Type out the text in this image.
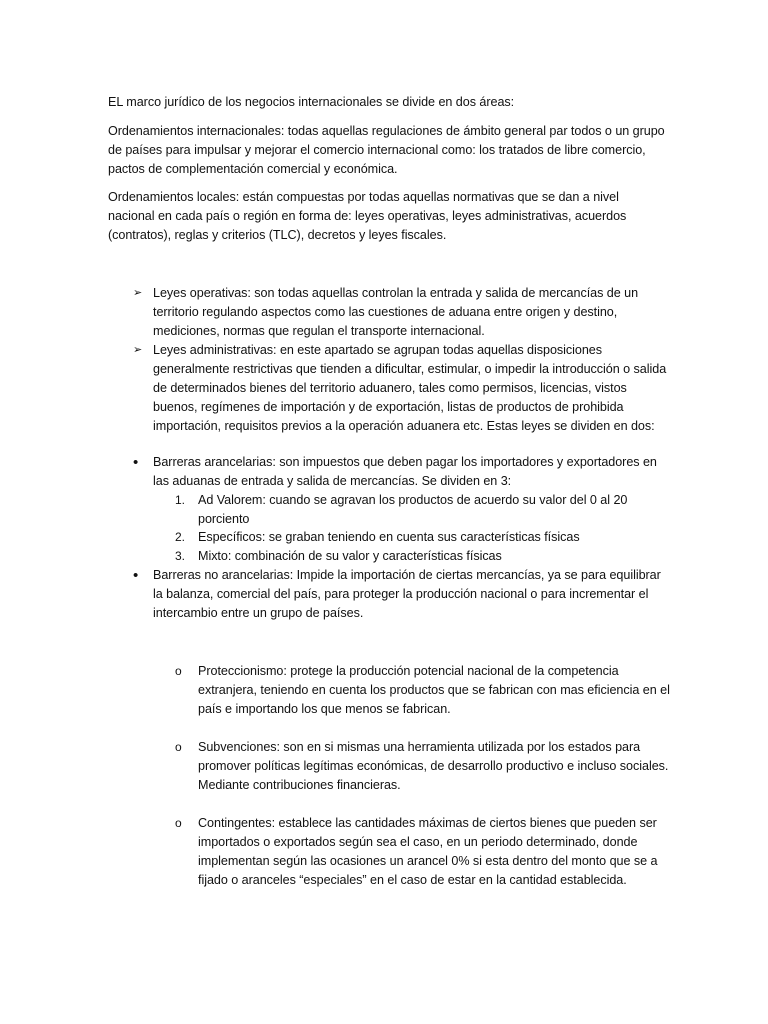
EL marco jurídico de los negocios internacionales se divide en dos áreas:

Ordenamientos internacionales: todas aquellas regulaciones de ámbito general par todos o un grupo de países para impulsar y mejorar el comercio internacional como: los tratados de libre comercio, pactos de complementación comercial y económica.

Ordenamientos locales: están compuestas por todas aquellas normativas que se dan a nivel nacional en cada país o región en forma de: leyes operativas, leyes administrativas, acuerdos (contratos), reglas y criterios (TLC), decretos y leyes fiscales.

➢ Leyes operativas: son todas aquellas controlan la entrada y salida de mercancías de un territorio regulando aspectos como las cuestiones de aduana entre origen y destino, mediciones, normas que regulan el transporte internacional.

➢ Leyes administrativas: en este apartado se agrupan todas aquellas disposiciones generalmente restrictivas que tienden a dificultar, estimular, o impedir la introducción o salida de determinados bienes del territorio aduanero, tales como permisos, licencias, vistos buenos, regímenes de importación y de exportación, listas de productos de prohibida importación, requisitos previos a la operación aduanera etc. Estas leyes se dividen en dos:

• Barreras arancelarias: son impuestos que deben pagar los importadores y exportadores en las aduanas de entrada y salida de mercancías. Se dividen en 3:

1. Ad Valorem: cuando se agravan los productos de acuerdo su valor del 0 al 20 porciento

2. Específicos: se graban teniendo en cuenta sus características físicas

3. Mixto: combinación de su valor y características físicas

• Barreras no arancelarias: Impide la importación de ciertas mercancías, ya se para equilibrar la balanza, comercial del país, para proteger la producción nacional o para incrementar el intercambio entre un grupo de países.

o Proteccionismo: protege la producción potencial nacional de la competencia extranjera, teniendo en cuenta los productos que se fabrican con mas eficiencia en el país e importando los que menos se fabrican.

o Subvenciones: son en si mismas una herramienta utilizada por los estados para promover políticas legítimas económicas, de desarrollo productivo e incluso sociales. Mediante contribuciones financieras.

o Contingentes: establece las cantidades máximas de ciertos bienes que pueden ser importados o exportados según sea el caso, en un periodo determinado, donde implementan según las ocasiones un arancel 0% si esta dentro del monto que se a fijado o aranceles “especiales” en el caso de estar en la cantidad establecida.
